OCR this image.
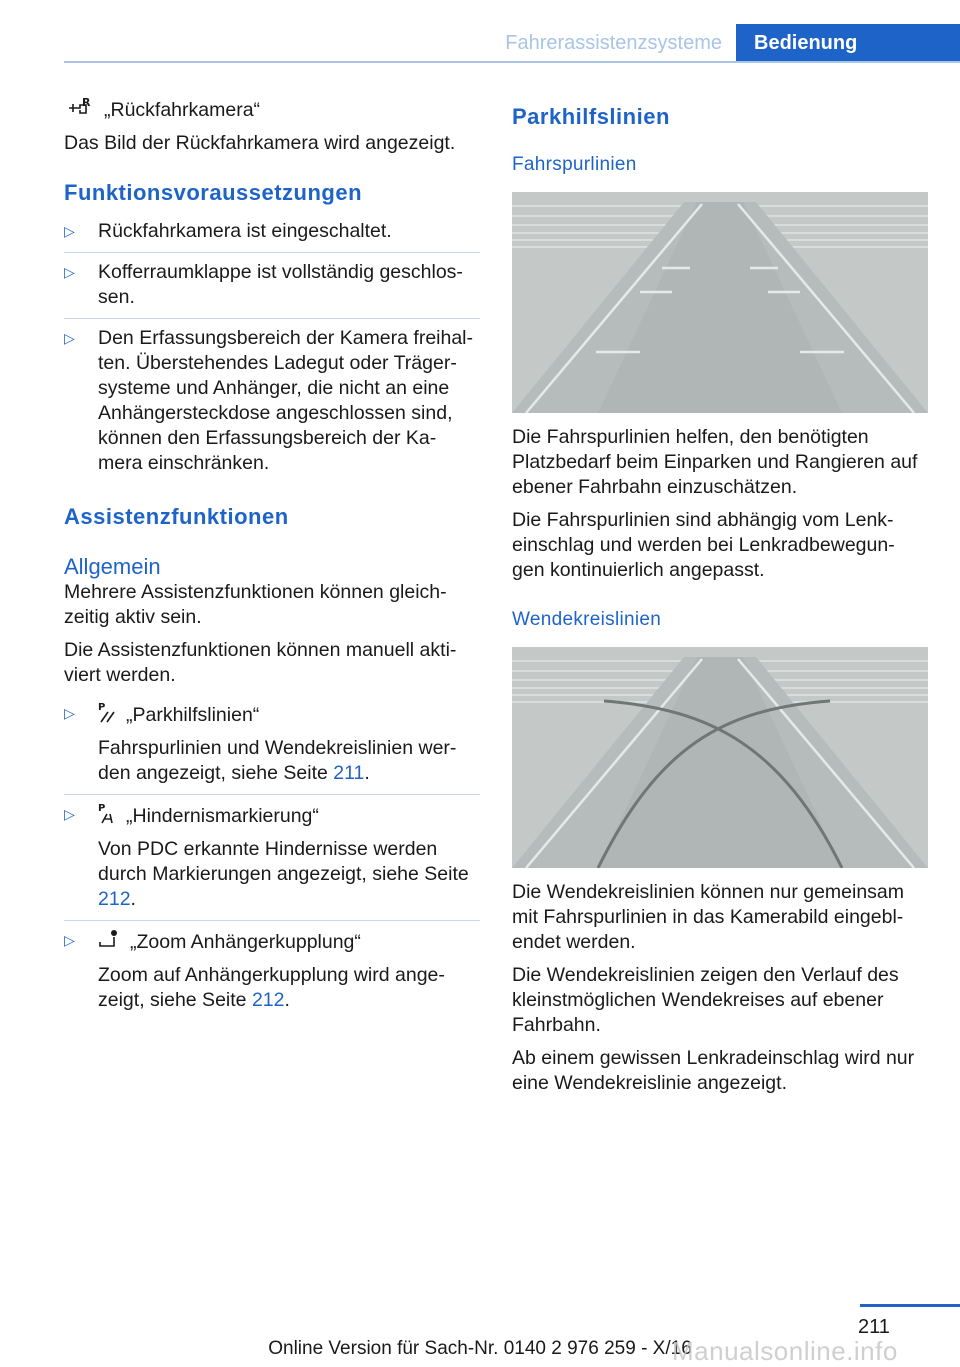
Fahrerassistenzsysteme	Bedienung

R „Rückfahrkamera“

Das Bild der Rückfahrkamera wird angezeigt.

Funktionsvoraussetzungen
▷ Rückfahrkamera ist eingeschaltet.

▷ Kofferraumklappe ist vollständig geschlos‐ sen.

▷ Den Erfassungsbereich der Kamera freihal‐ ten. Überstehendes Ladegut oder Träger‐ systeme und Anhänger, die nicht an eine Anhängersteckdose angeschlossen sind, können den Erfassungsbereich der Ka‐ mera einschränken.

Assistenzfunktionen
Allgemein

Mehrere Assistenzfunktionen können gleich‐ zeitig aktiv sein.

Die Assistenzfunktionen können manuell akti‐ viert werden.

▷ P „Parkhilfslinien“

Fahrspurlinien und Wendekreislinien wer‐ den angezeigt, siehe Seite 211.

▷ P „Hindernismarkierung“

Von PDC erkannte Hindernisse werden durch Markierungen angezeigt, siehe Seite 212.

▷	„Zoom Anhängerkupplung“

Zoom auf Anhängerkupplung wird ange‐ zeigt, siehe Seite 212.

Parkhilfslinien
Fahrspurlinien

Die Fahrspurlinien helfen, den benötigten Platzbedarf beim Einparken und Rangieren auf ebener Fahrbahn einzuschätzen.

Die Fahrspurlinien sind abhängig vom Lenk‐ einschlag und werden bei Lenkradbewegun‐ gen kontinuierlich angepasst.

Wendekreislinien

Die Wendekreislinien können nur gemeinsam mit Fahrspurlinien in das Kamerabild eingebl‐ endet werden.

Die Wendekreislinien zeigen den Verlauf des kleinstmöglichen Wendekreises auf ebener Fahrbahn.

Ab einem gewissen Lenkradeinschlag wird nur eine Wendekreislinie angezeigt.

211
Online Version für Sach-Nr. 0140 2 976 259 - X/16
Manualsonline.info
